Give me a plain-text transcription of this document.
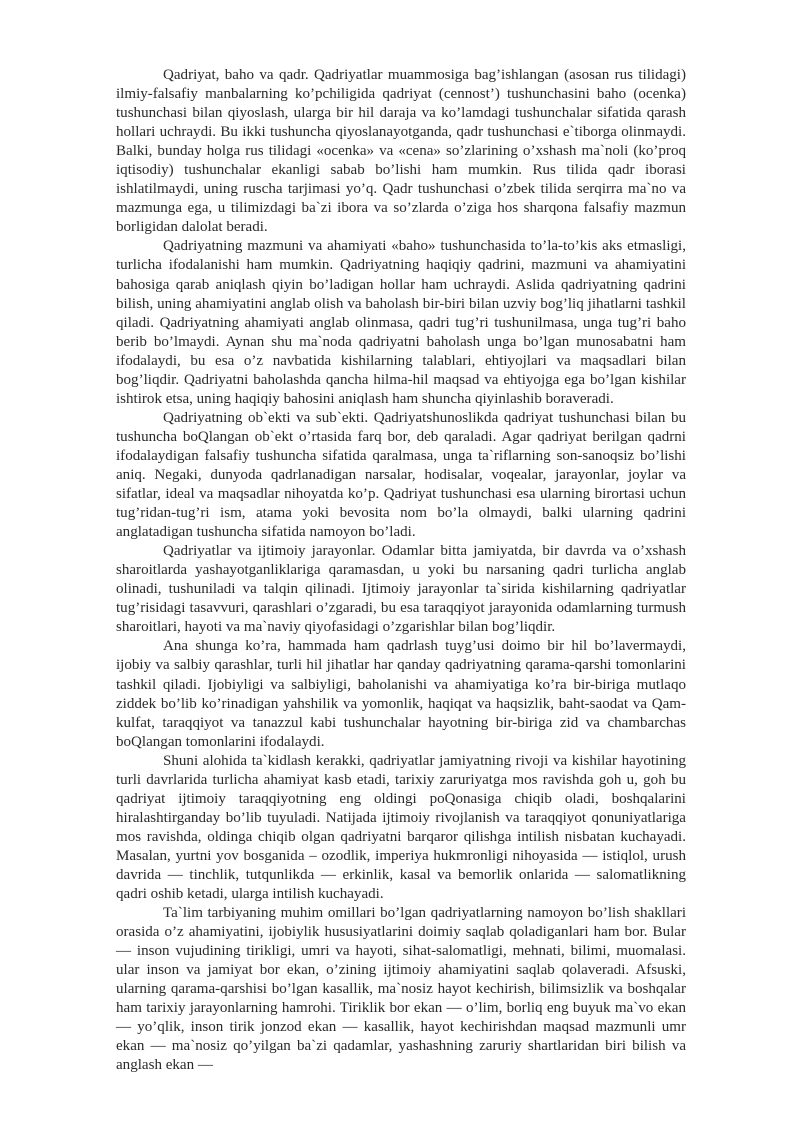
Qadriyat, baho va qadr. Qadriyatlar muammosiga bag’ishlangan (asosan rus tilidagi) ilmiy-falsafiy manbalarning ko’pchiligida qadriyat (cennost’) tushunchasini baho (ocenka) tushunchasi bilan qiyoslash, ularga bir hil daraja va ko’lamdagi tushunchalar sifatida qarash hollari uchraydi. Bu ikki tushuncha qiyoslanayotganda, qadr tushunchasi e`tiborga olinmaydi. Balki, bunday holga rus tilidagi «ocenka» va «cena» so’zlarining o’xshash ma`noli (ko’proq iqtisodiy) tushunchalar ekanligi sabab bo’lishi ham mumkin. Rus tilida qadr iborasi ishlatilmaydi, uning ruscha tarjimasi yo’q. Qadr tushunchasi o’zbek tilida serqirra ma`no va mazmunga ega, u tilimizdagi ba`zi ibora va so’zlarda o’ziga hos sharqona falsafiy mazmun borligidan dalolat beradi.

Qadriyatning mazmuni va ahamiyati «baho» tushunchasida to’la-to’kis aks etmasligi, turlicha ifodalanishi ham mumkin. Qadriyatning haqiqiy qadrini, mazmuni va ahamiyatini bahosiga qarab aniqlash qiyin bo’ladigan hollar ham uchraydi. Aslida qadriyatning qadrini bilish, uning ahamiyatini anglab olish va baholash bir-biri bilan uzviy bog’liq jihatlarni tashkil qiladi. Qadriyatning ahamiyati anglab olinmasa, qadri tug’ri tushunilmasa, unga tug’ri baho berib bo’lmaydi. Aynan shu ma`noda qadriyatni baholash unga bo’lgan munosabatni ham ifodalaydi, bu esa o’z navbatida kishilarning talablari, ehtiyojlari va maqsadlari bilan bog’liqdir. Qadriyatni baholashda qancha hilma-hil maqsad va ehtiyojga ega bo’lgan kishilar ishtirok etsa, uning haqiqiy bahosini aniqlash ham shuncha qiyinlashib boraveradi.

Qadriyatning ob`ekti va sub`ekti. Qadriyatshunoslikda qadriyat tushunchasi bilan bu tushuncha boQlangan ob`ekt o’rtasida farq bor, deb qaraladi. Agar qadriyat berilgan qadrni ifodalaydigan falsafiy tushuncha sifatida qaralmasa, unga ta`riflarning son-sanoqsiz bo’lishi aniq. Negaki, dunyoda qadrlanadigan narsalar, hodisalar, voqealar, jarayonlar, joylar va sifatlar, ideal va maqsadlar nihoyatda ko’p. Qadriyat tushunchasi esa ularning birortasi uchun tug’ridan-tug’ri ism, atama yoki bevosita nom bo’la olmaydi, balki ularning qadrini anglatadigan tushuncha sifatida namoyon bo’ladi.

Qadriyatlar va ijtimoiy jarayonlar. Odamlar bitta jamiyatda, bir davrda va o’xshash sharoitlarda yashayotganliklariga qaramasdan, u yoki bu narsaning qadri turlicha anglab olinadi, tushuniladi va talqin qilinadi. Ijtimoiy jarayonlar ta`sirida kishilarning qadriyatlar tug’risidagi tasavvuri, qarashlari o’zgaradi, bu esa taraqqiyot jarayonida odamlarning turmush sharoitlari, hayoti va ma`naviy qiyofasidagi o’zgarishlar bilan bog’liqdir.

Ana shunga ko’ra, hammada ham qadrlash tuyg’usi doimo bir hil bo’lavermaydi, ijobiy va salbiy qarashlar, turli hil jihatlar har qanday qadriyatning qarama-qarshi tomonlarini tashkil qiladi. Ijobiyligi va salbiyligi, baholanishi va ahamiyatiga ko’ra bir-biriga mutlaqo ziddek bo’lib ko’rinadigan yahshilik va yomonlik, haqiqat va haqsizlik, baht-saodat va Qam-kulfat, taraqqiyot va tanazzul kabi tushunchalar hayotning bir-biriga zid va chambarchas boQlangan tomonlarini ifodalaydi.

Shuni alohida ta`kidlash kerakki, qadriyatlar jamiyatning rivoji va kishilar hayotining turli davrlarida turlicha ahamiyat kasb etadi, tarixiy zaruriyatga mos ravishda goh u, goh bu qadriyat ijtimoiy taraqqiyotning eng oldingi poQonasiga chiqib oladi, boshqalarini hiralashtirganday bo’lib tuyuladi. Natijada ijtimoiy rivojlanish va taraqqiyot qonuniyatlariga mos ravishda, oldinga chiqib olgan qadriyatni barqaror qilishga intilish nisbatan kuchayadi. Masalan, yurtni yov bosganida – ozodlik, imperiya hukmronligi nihoyasida — istiqlol, urush davrida — tinchlik, tutqunlikda — erkinlik, kasal va bemorlik onlarida — salomatlikning qadri oshib ketadi, ularga intilish kuchayadi.

Ta`lim tarbiyaning muhim omillari bo’lgan qadriyatlarning namoyon bo’lish shakllari orasida o’z ahamiyatini, ijobiylik hususiyatlarini doimiy saqlab qoladiganlari ham bor. Bular — inson vujudining tirikligi, umri va hayoti, sihat-salomatligi, mehnati, bilimi, muomalasi. ular inson va jamiyat bor ekan, o’zining ijtimoiy ahamiyatini saqlab qolaveradi. Afsuski, ularning qarama-qarshisi bo’lgan kasallik, ma`nosiz hayot kechirish, bilimsizlik va boshqalar ham tarixiy jarayonlarning hamrohi. Tiriklik bor ekan — o’lim, borliq eng buyuk ma`vo ekan — yo’qlik, inson tirik jonzod ekan — kasallik, hayot kechirishdan maqsad mazmunli umr ekan — ma`nosiz qo’yilgan ba`zi qadamlar, yashashning zaruriy shartlaridan biri bilish va anglash ekan —
